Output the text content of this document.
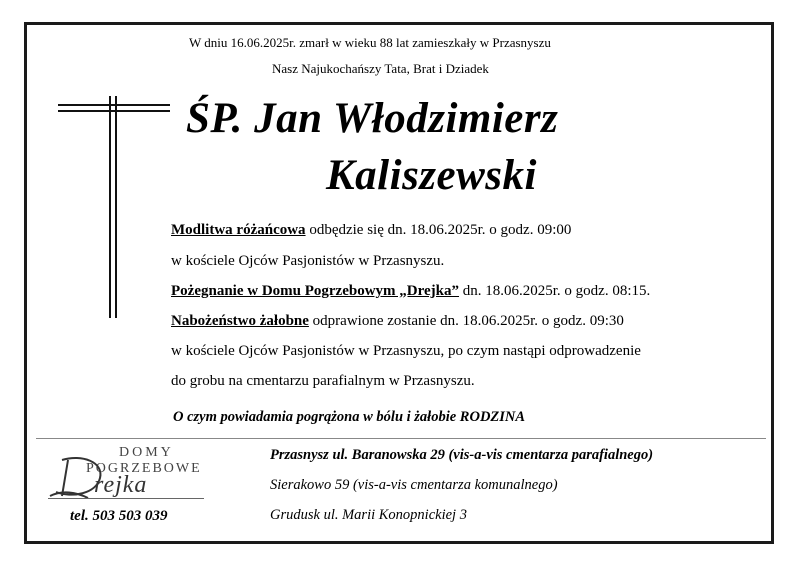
W dniu 16.06.2025r. zmarł w wieku 88 lat zamieszkały w Przasnyszu
Nasz Najukochańszy Tata, Brat i Dziadek
ŚP. Jan Włodzimierz
Kaliszewski
Modlitwa różańcowa odbędzie się dn. 18.06.2025r. o godz. 09:00
w kościele Ojców Pasjonistów w Przasnyszu.
Pożegnanie w Domu Pogrzebowym „Drejka” dn. 18.06.2025r. o godz. 08:15.
Nabożeństwo żałobne odprawione zostanie dn. 18.06.2025r. o godz. 09:30
w kościele Ojców Pasjonistów w Przasnyszu, po czym nastąpi odprowadzenie
do grobu na cmentarzu parafialnym w Przasnyszu.
O czym powiadamia pogrążona w bólu i żałobie RODZINA
DOMY
POGRZEBOWE
rejka
tel. 503 503 039
Przasnysz ul. Baranowska 29 (vis-a-vis cmentarza parafialnego)
Sierakowo 59 (vis-a-vis cmentarza komunalnego)
Grudusk ul. Marii Konopnickiej 3
